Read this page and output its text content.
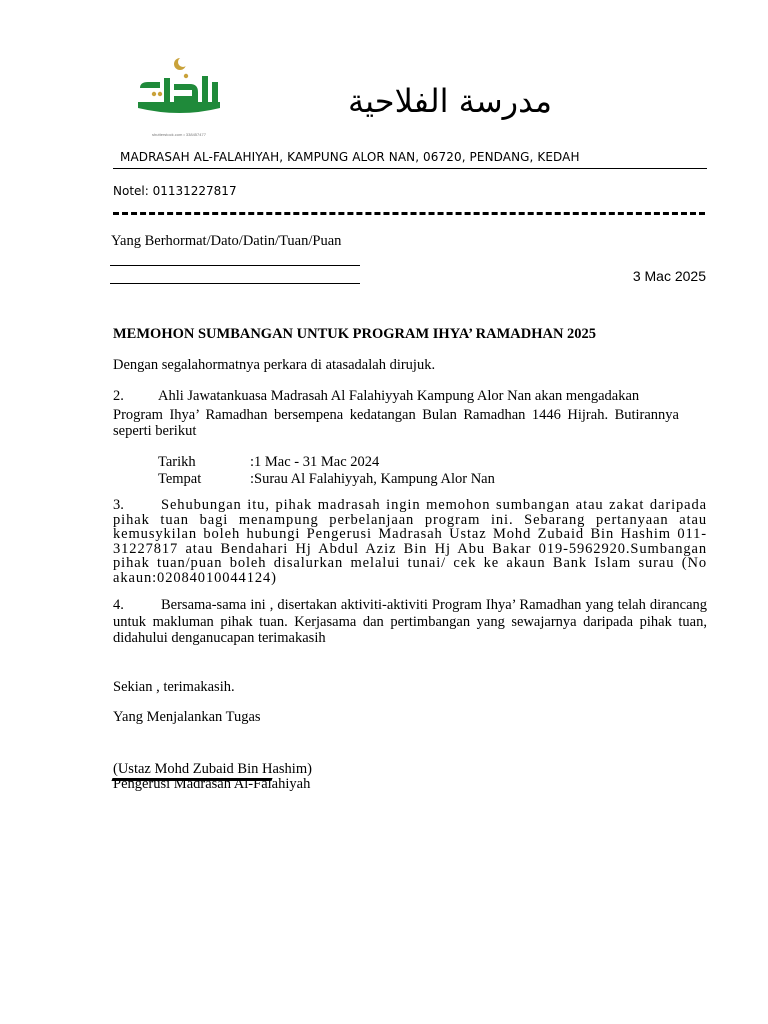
shutterstock.com • 338457477
مدرسة الفلاحية
MADRASAH AL-FALAHIYAH, KAMPUNG ALOR NAN, 06720, PENDANG, KEDAH
Notel: 01131227817
Yang Berhormat/Dato/Datin/Tuan/Puan
3 Mac 2025
MEMOHON SUMBANGAN UNTUK PROGRAM IHYA’ RAMADHAN 2025
Dengan segalahormatnya perkara di atasadalah dirujuk.
2. Ahli Jawatankuasa Madrasah Al Falahiyyah Kampung Alor Nan akan mengadakan
Program Ihya’ Ramadhan bersempena kedatangan Bulan Ramadhan 1446 Hijrah. Butirannya seperti berikut
Tarikh	:1 Mac - 31 Mac 2024
Tempat	:Surau Al Falahiyyah, Kampung Alor Nan
3.	Sehubungan itu, pihak madrasah ingin memohon sumbangan atau zakat daripada pihak tuan bagi menampung perbelanjaan program ini. Sebarang pertanyaan atau kemusykilan boleh hubungi Pengerusi Madrasah Ustaz Mohd Zubaid Bin Hashim 011-31227817 atau Bendahari Hj Abdul Aziz Bin Hj Abu Bakar 019-5962920.Sumbangan pihak tuan/puan boleh disalurkan melalui tunai/ cek ke akaun Bank Islam surau (No akaun:02084010044124)
4.	Bersama-sama ini , disertakan aktiviti-aktiviti Program Ihya’ Ramadhan yang telah dirancang untuk makluman pihak tuan. Kerjasama dan pertimbangan yang sewajarnya daripada pihak tuan, didahului denganucapan terimakasih
Sekian , terimakasih.
Yang Menjalankan Tugas
(Ustaz Mohd Zubaid Bin Hashim)
Pengerusi Madrasah Al-Falahiyah
